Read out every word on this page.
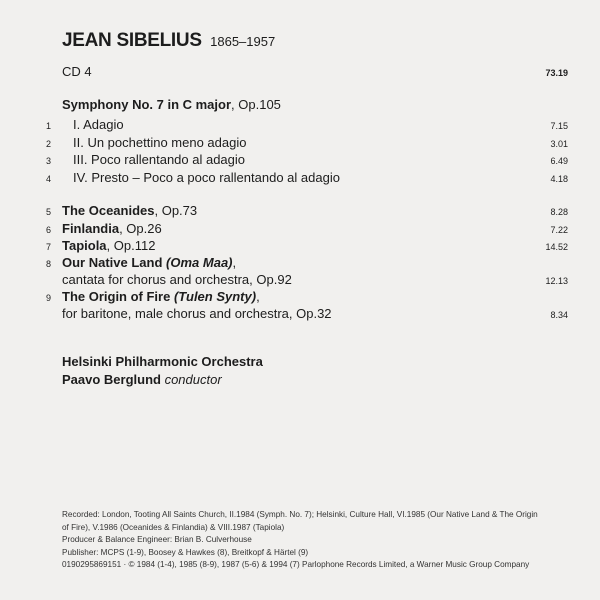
JEAN SIBELIUS 1865–1957
CD 4	73.19
Symphony No. 7 in C major, Op.105
1 I. Adagio	7.15
2 II. Un pochettino meno adagio	3.01
3 III. Poco rallentando al adagio	6.49
4 IV. Presto – Poco a poco rallentando al adagio	4.18
5 The Oceanides, Op.73	8.28
6 Finlandia, Op.26	7.22
7 Tapiola, Op.112	14.52
8 Our Native Land (Oma Maa),
cantata for chorus and orchestra, Op.92	12.13
9 The Origin of Fire (Tulen Synty),
for baritone, male chorus and orchestra, Op.32	8.34
Helsinki Philharmonic Orchestra
Paavo Berglund conductor
Recorded: London, Tooting All Saints Church, II.1984 (Symph. No. 7); Helsinki, Culture Hall, VI.1985 (Our Native Land & The Origin
of Fire), V.1986 (Oceanides & Finlandia) & VIII.1987 (Tapiola)
Producer & Balance Engineer: Brian B. Culverhouse
Publisher: MCPS (1-9), Boosey & Hawkes (8), Breitkopf & Härtel (9)
0190295869151 · © 1984 (1-4), 1985 (8-9), 1987 (5-6) & 1994 (7) Parlophone Records Limited, a Warner Music Group Company
